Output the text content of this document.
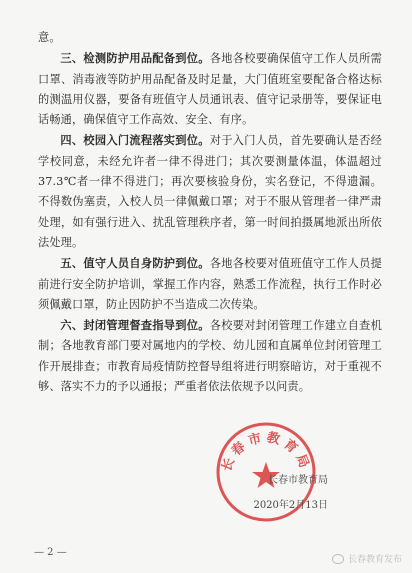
意。

三、检测防护用品配备到位。各地各校要确保值守工作人员所需口罩、消毒液等防护用品配备及时足量，大门值班室要配备合格达标的测温用仪器，要备有班值守人员通讯表、值守记录册等，要保证电话畅通，确保值守工作高效、安全、有序。

四、校园入门流程落实到位。对于入门人员，首先要确认是否经学校同意，未经允许者一律不得进门；其次要测量体温，体温超过37.3℃者一律不得进门；再次要核验身份，实名登记，不得遗漏。不得数伪塞责，入校人员一律佩戴口罩；对于不服从管理者一律严肃处理，如有强行进入、扰乱管理秩序者，第一时间拍摄属地派出所依法处理。

五、值守人员自身防护到位。各地各校要对值班值守工作人员提前进行安全防护培训，掌握工作内容，熟悉工作流程，执行工作时必须佩戴口罩，防止因防护不当造成二次传染。

六、封闭管理督查指导到位。各校要对封闭管理工作建立自查机制；各地教育部门要对属地内的学校、幼儿园和直属单位封闭管理工作开展排查；市教育局疫情防控督导组将进行明察暗访，对于重视不够、落实不力的予以通报；严重者依法依规予以问责。

长春市教育局
长春市教育局
2020年2月13日
— 2 —
长春教育发布
